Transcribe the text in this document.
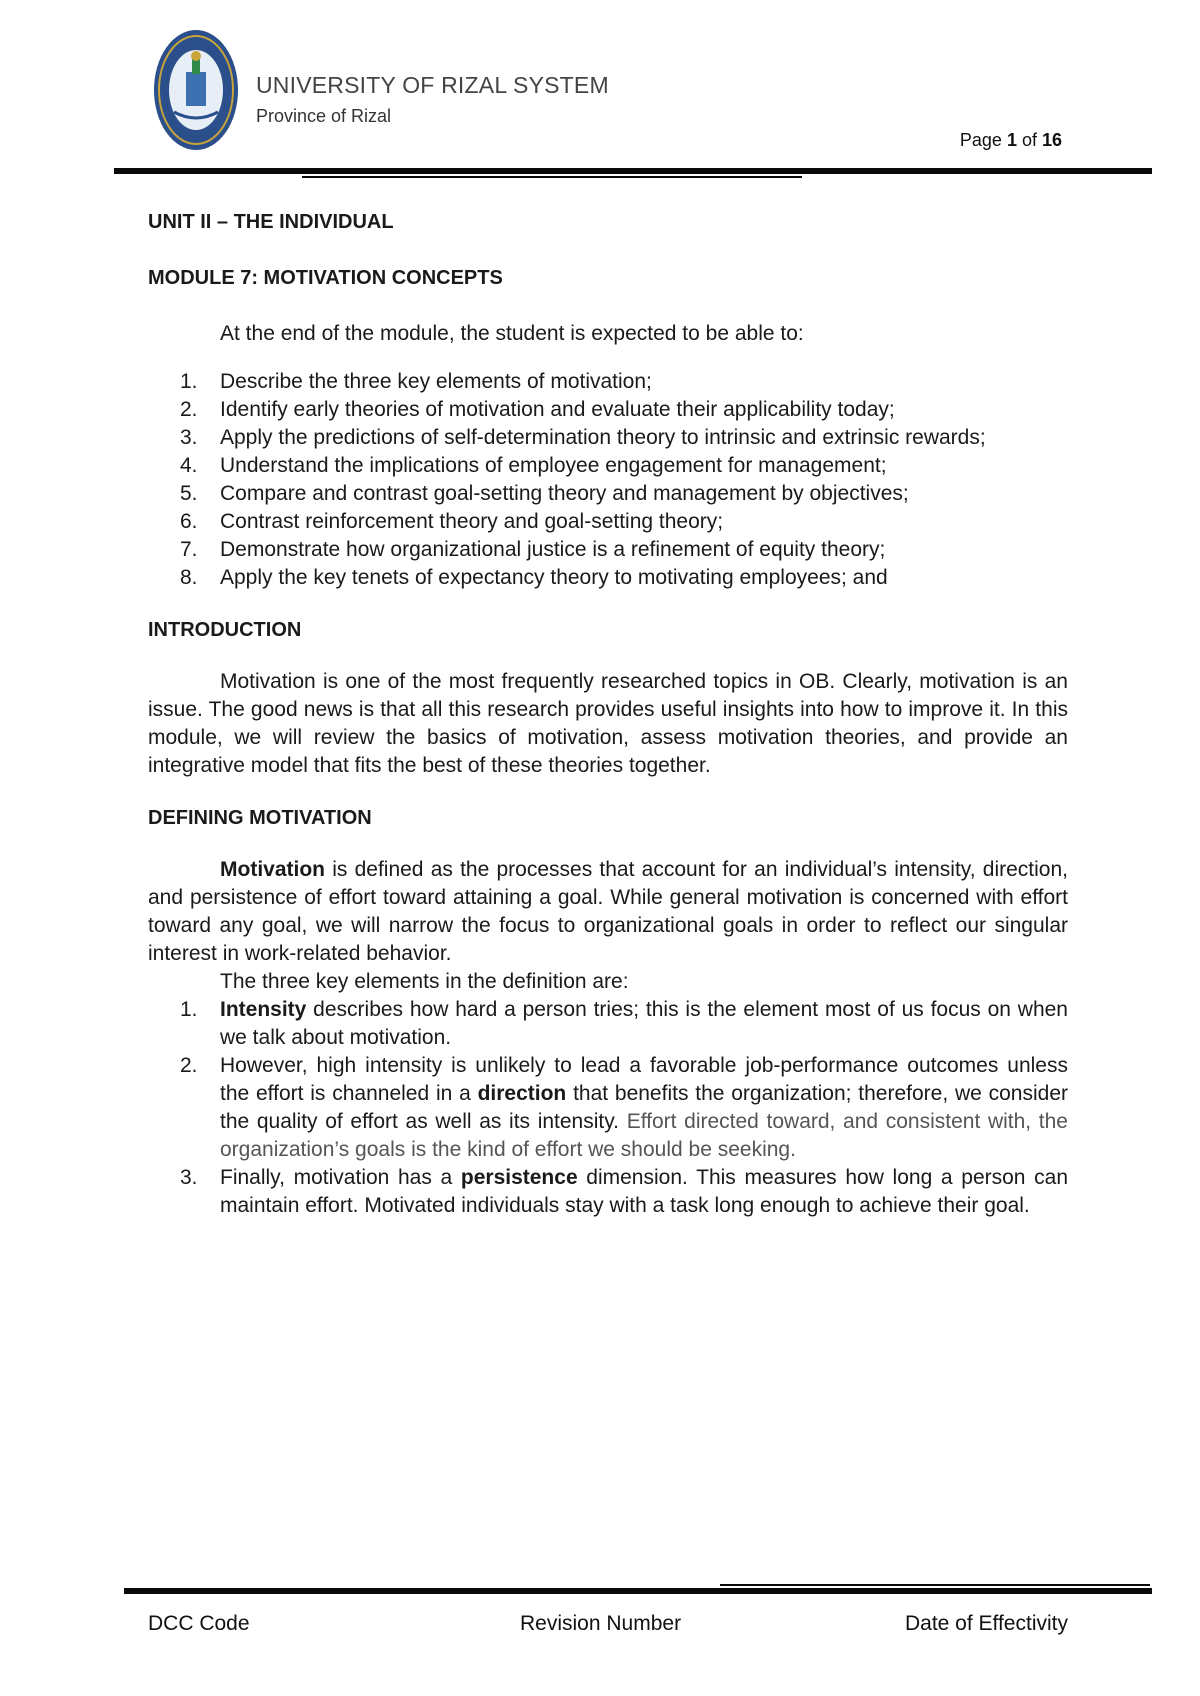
UNIVERSITY OF RIZAL SYSTEM
Province of Rizal
Page 1 of 16

UNIT II – THE INDIVIDUAL

MODULE 7: MOTIVATION CONCEPTS

At the end of the module, the student is expected to be able to:

1. Describe the three key elements of motivation;
2. Identify early theories of motivation and evaluate their applicability today;
3. Apply the predictions of self-determination theory to intrinsic and extrinsic rewards;
4. Understand the implications of employee engagement for management;
5. Compare and contrast goal-setting theory and management by objectives;
6. Contrast reinforcement theory and goal-setting theory;
7. Demonstrate how organizational justice is a refinement of equity theory;
8. Apply the key tenets of expectancy theory to motivating employees; and

INTRODUCTION

Motivation is one of the most frequently researched topics in OB. Clearly, motivation is an issue. The good news is that all this research provides useful insights into how to improve it. In this module, we will review the basics of motivation, assess motivation theories, and provide an integrative model that fits the best of these theories together.

DEFINING MOTIVATION

Motivation is defined as the processes that account for an individual’s intensity, direction, and persistence of effort toward attaining a goal. While general motivation is concerned with effort toward any goal, we will narrow the focus to organizational goals in order to reflect our singular interest in work-related behavior.

The three key elements in the definition are:

1. Intensity describes how hard a person tries; this is the element most of us focus on when we talk about motivation.
2. However, high intensity is unlikely to lead a favorable job-performance outcomes unless the effort is channeled in a direction that benefits the organization; therefore, we consider the quality of effort as well as its intensity. Effort directed toward, and consistent with, the organization’s goals is the kind of effort we should be seeking.
3. Finally, motivation has a persistence dimension. This measures how long a person can maintain effort. Motivated individuals stay with a task long enough to achieve their goal.
DCC Code	Revision Number	Date of Effectivity
